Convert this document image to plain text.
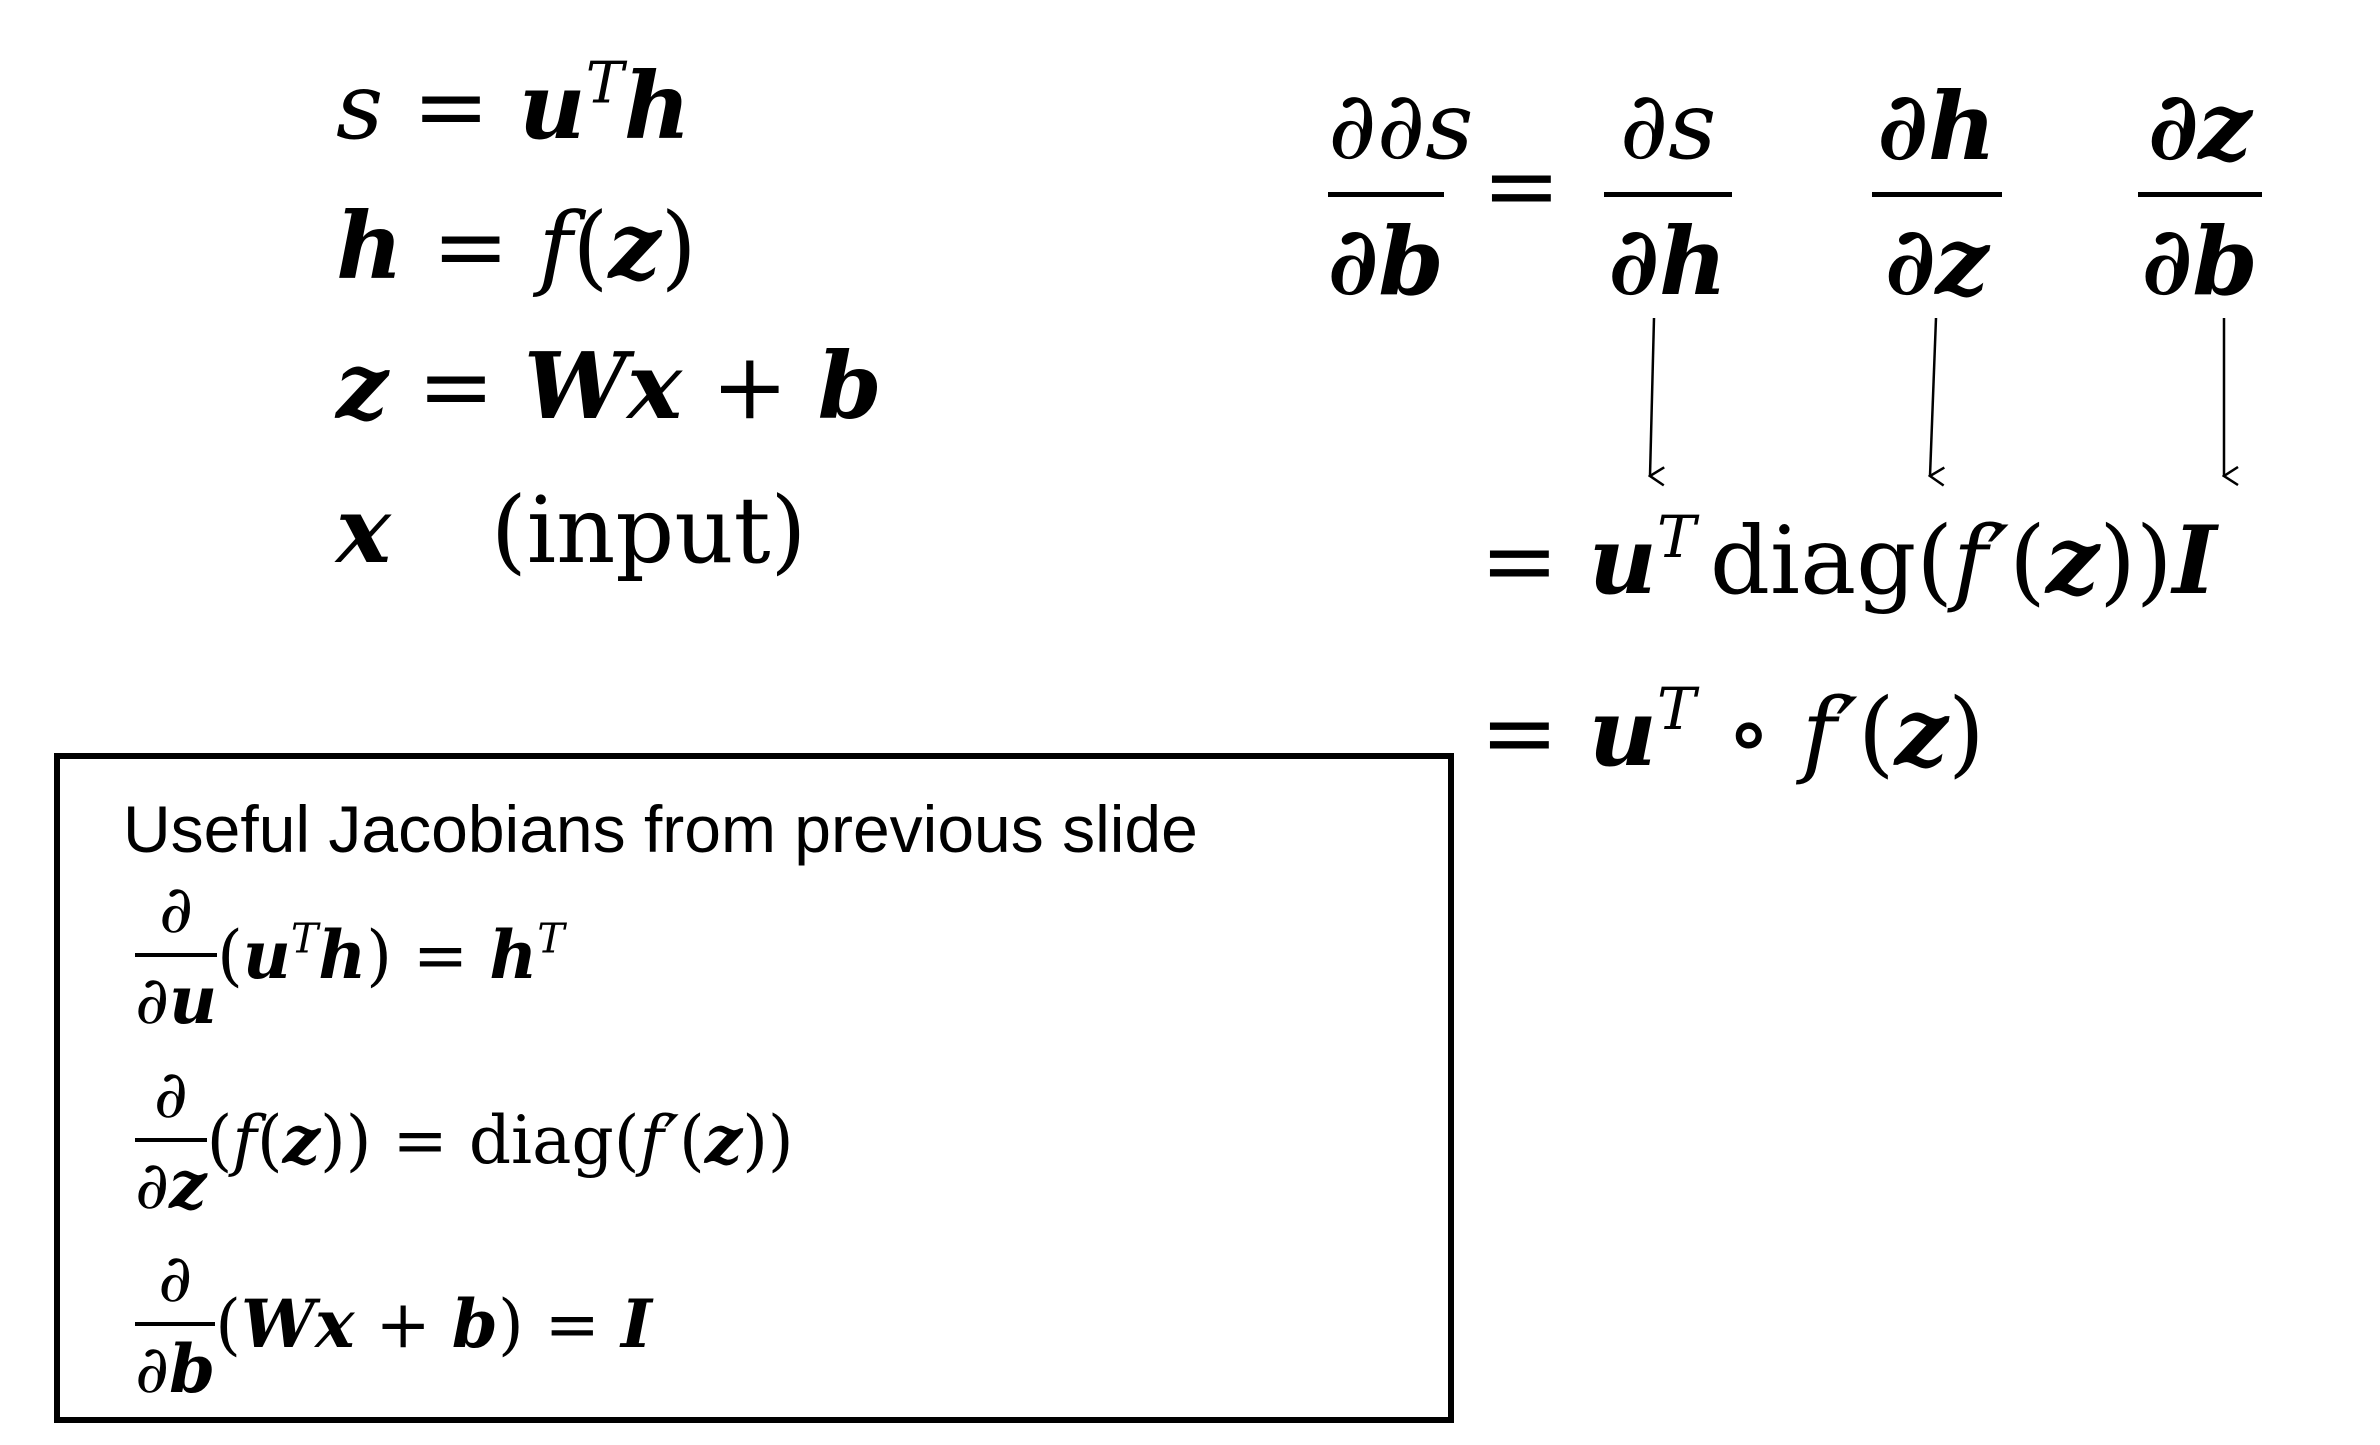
$s = u^Th$
h = f(z)
z = Wx + b
x (input)
∂∂s
∂b
=
∂s
∂h
∂h
∂z
∂z
∂b
= $u^T$ diag(f′(z))I
= $u^T$ ∘ f′(z)
Useful Jacobians from previous slide
$\frac{\partial}{\partial u} (u^Th) = h^T$
$\frac{\partial}{\partial z} (f(z))$ = diag(f′(z))
$\frac{\partial}{\partial b} (Wx + b) = I$
